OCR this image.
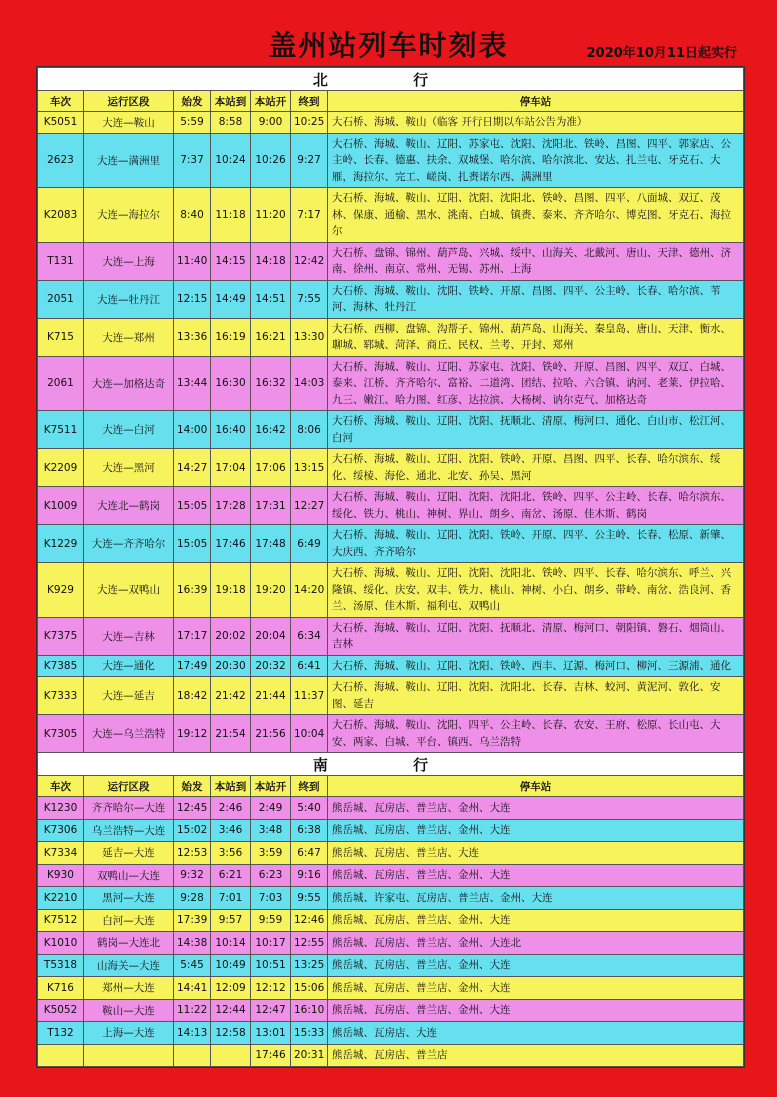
盖州站列车时刻表	2020年10月11日起实行
北 行						
车次	运行区段	始发	本站到	本站开	终到	停车站
K5051	大连—鞍山	5:59	8:58	9:00	10:25	大石桥、海城、鞍山（临客 开行日期以车站公告为准）
2623	大连—满洲里	7:37	10:24	10:26	9:27	大石桥、海城、鞍山、辽阳、苏家屯、沈阳、沈阳北、铁岭、昌图、四平、郭家店、公主岭、长春、德惠、扶余、双城堡、哈尔滨、哈尔滨北、安达、扎兰屯、牙克石、大雁，海拉尔、完工、嵯岗、扎赉诺尔西、满洲里
K2083	大连—海拉尔	8:40	11:18	11:20	7:17	大石桥、海城、鞍山、辽阳、沈阳、沈阳北、铁岭、昌图、四平、八面城、双辽、茂林、保康、通榆、黑水、洮南、白城、镇赉、泰来、齐齐哈尔、博克图、牙克石、海拉尔
T131	大连—上海	11:40	14:15	14:18	12:42	大石桥、盘锦、锦州、葫芦岛、兴城、绥中、山海关、北戴河、唐山、天津、德州、济南、徐州、南京、常州、无锡、苏州、上海
2051	大连—牡丹江	12:15	14:49	14:51	7:55	大石桥、海城、鞍山、沈阳、铁岭、开原、昌图、四平、公主岭、长春、哈尔滨、苇河、海林、牡丹江
K715	大连—郑州	13:36	16:19	16:21	13:30	大石桥、西柳、盘锦、沟帮子、锦州、葫芦岛、山海关、秦皇岛、唐山、天津、衡水、聊城、郓城、菏泽、商丘、民权、兰考、开封、郑州
2061	大连—加格达奇	13:44	16:30	16:32	14:03	大石桥、海城、鞍山、辽阳、苏家屯、沈阳、铁岭、开原、昌图、四平、双辽、白城、泰来、江桥、齐齐哈尔、富裕、二道湾、团结、拉哈、六合镇、讷河、老莱、伊拉哈、九三、嫩江、哈力图、红彦、达拉滨、大杨树、讷尔克气、加格达奇
K7511	大连—白河	14:00	16:40	16:42	8:06	大石桥、海城、鞍山、辽阳、沈阳、抚顺北、清原、梅河口、通化、白山市、松江河、白河
K2209	大连—黑河	14:27	17:04	17:06	13:15	大石桥、海城、鞍山、辽阳、沈阳、铁岭、开原、昌图、四平、长春、哈尔滨东、绥化、绥棱、海伦、通北、北安、孙吴、黑河
K1009	大连北—鹤岗	15:05	17:28	17:31	12:27	大石桥、海城、鞍山、辽阳、沈阳、沈阳北、铁岭、四平、公主岭、长春、哈尔滨东、绥化、铁力、桃山、神树、界山、朗乡、南岔、汤原、佳木斯、鹤岗
K1229	大连—齐齐哈尔	15:05	17:46	17:48	6:49	大石桥、海城、鞍山、辽阳、沈阳、铁岭、开原、四平、公主岭、长春、松原、新肇、大庆西、齐齐哈尔
K929	大连—双鸭山	16:39	19:18	19:20	14:20	大石桥、海城、鞍山、辽阳、沈阳、沈阳北、铁岭、四平、长春、哈尔滨东、呼兰、兴隆镇、绥化、庆安、双丰、铁力、桃山、神树、小白、朗乡、带岭、南岔、浩良河、香兰、汤原、佳木斯、福利屯、双鸭山
K7375	大连—吉林	17:17	20:02	20:04	6:34	大石桥、海城、鞍山、辽阳、沈阳、抚顺北、清原、梅河口、朝阳镇、磐石、烟筒山、吉林
K7385	大连—通化	17:49	20:30	20:32	6:41	大石桥、海城、鞍山、辽阳、沈阳、铁岭、西丰、辽源、梅河口、柳河、三源浦、通化
K7333	大连—延吉	18:42	21:42	21:44	11:37	大石桥、海城、鞍山、辽阳、沈阳、沈阳北、长春、吉林、蛟河、黄泥河、敦化、安图、延吉
K7305	大连—乌兰浩特	19:12	21:54	21:56	10:04	大石桥、海城、鞍山、沈阳、四平、公主岭、长春、农安、王府、松原、长山屯、大安、两家、白城、平台、镇西、乌兰浩特
南 行						
车次	运行区段	始发	本站到	本站开	终到	停车站
K1230	齐齐哈尔—大连	12:45	2:46	2:49	5:40	熊岳城、瓦房店、普兰店、金州、大连
K7306	乌兰浩特—大连	15:02	3:46	3:48	6:38	熊岳城、瓦房店、普兰店、金州、大连
K7334	延吉—大连	12:53	3:56	3:59	6:47	熊岳城、瓦房店、普兰店、大连
K930	双鸭山—大连	9:32	6:21	6:23	9:16	熊岳城、瓦房店、普兰店、金州、大连
K2210	黑河—大连	9:28	7:01	7:03	9:55	熊岳城、许家屯、瓦房店、普兰店、金州、大连
K7512	白河—大连	17:39	9:57	9:59	12:46	熊岳城、瓦房店、普兰店、金州、大连
K1010	鹤岗—大连北	14:38	10:14	10:17	12:55	熊岳城、瓦房店、普兰店、金州、大连北
T5318	山海关—大连	5:45	10:49	10:51	13:25	熊岳城、瓦房店、普兰店、金州、大连
K716	郑州—大连	14:41	12:09	12:12	15:06	熊岳城、瓦房店、普兰店、金州、大连
K5052	鞍山—大连	11:22	12:44	12:47	16:10	熊岳城、瓦房店、普兰店、金州、大连
T132	上海—大连	14:13	12:58	13:01	15:33	熊岳城、瓦房店、大连
				17:46	20:31	熊岳城、瓦房店、普兰店
